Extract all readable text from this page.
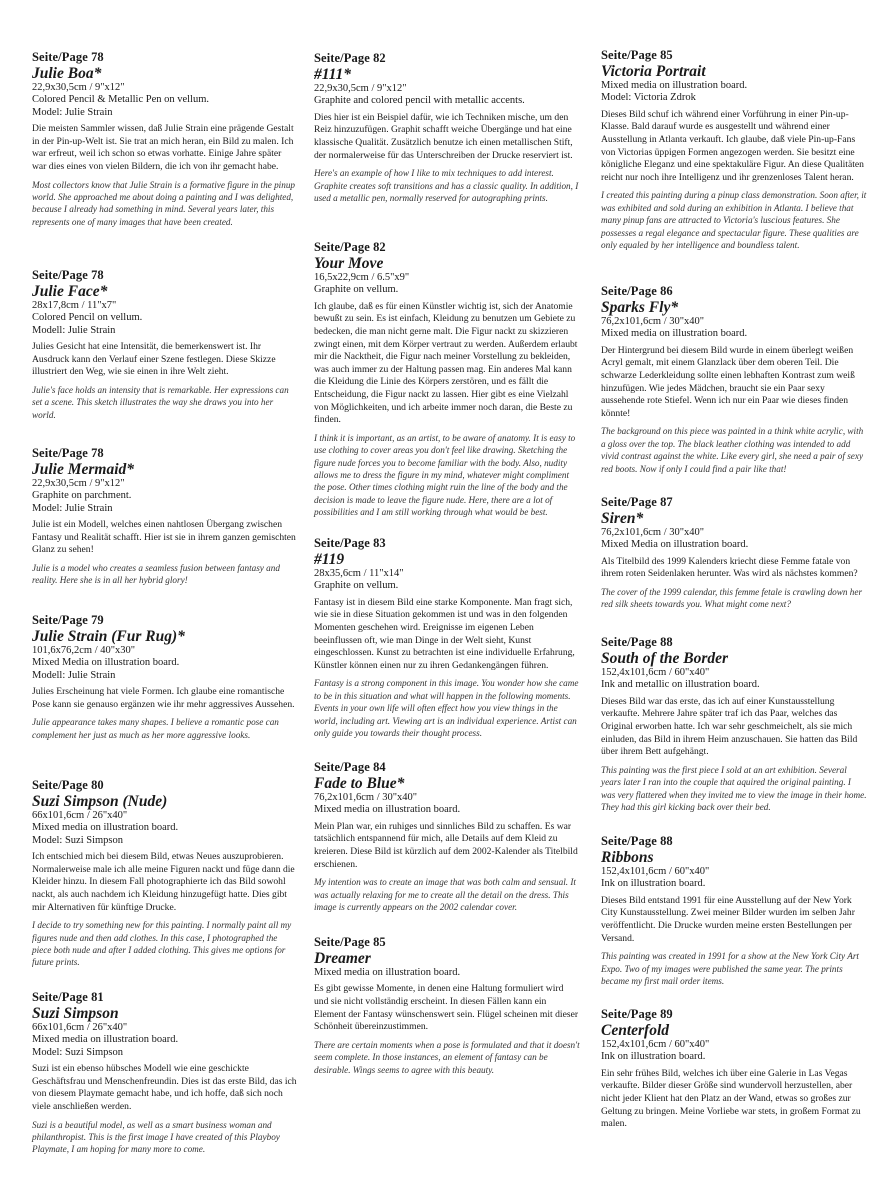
Seite/Page 78
Julie Boa*
22,9x30,5cm / 9"x12"
Colored Pencil & Metallic Pen on vellum.
Model: Julie Strain
Die meisten Sammler wissen, daß Julie Strain eine prägende Gestalt in der Pin-up-Welt ist. Sie trat an mich heran, ein Bild zu malen. Ich war erfreut, weil ich schon so etwas vorhatte. Einige Jahre später war dies eines von vielen Bildern, die ich von ihr gemacht habe.
Most collectors know that Julie Strain is a formative figure in the pinup world. She approached me about doing a painting and I was delighted, because I already had something in mind. Several years later, this represents one of many images that have been created.
Seite/Page 78
Julie Face*
28x17,8cm / 11"x7"
Colored Pencil on vellum.
Modell: Julie Strain
Julies Gesicht hat eine Intensität, die bemerkenswert ist. Ihr Ausdruck kann den Verlauf einer Szene festlegen. Diese Skizze illustriert den Weg, wie sie einen in ihre Welt zieht.
Julie's face holds an intensity that is remarkable. Her expressions can set a scene. This sketch illustrates the way she draws you into her world.
Seite/Page 78
Julie Mermaid*
22,9x30,5cm / 9"x12"
Graphite on parchment.
Model: Julie Strain
Julie ist ein Modell, welches einen nahtlosen Übergang zwischen Fantasy und Realität schafft. Hier ist sie in ihrem ganzen gemischten Glanz zu sehen!
Julie is a model who creates a seamless fusion between fantasy and reality. Here she is in all her hybrid glory!
Seite/Page 79
Julie Strain (Fur Rug)*
101,6x76,2cm / 40"x30"
Mixed Media on illustration board.
Modell: Julie Strain
Julies Erscheinung hat viele Formen. Ich glaube eine romantische Pose kann sie genauso ergänzen wie ihr mehr aggressives Aussehen.
Julie appearance takes many shapes. I believe a romantic pose can complement her just as much as her more aggressive looks.
Seite/Page 80
Suzi Simpson (Nude)
66x101,6cm / 26"x40"
Mixed media on illustration board.
Model: Suzi Simpson
Ich entschied mich bei diesem Bild, etwas Neues auszuprobieren. Normalerweise male ich alle meine Figuren nackt und füge dann die Kleider hinzu. In diesem Fall photographierte ich das Bild sowohl nackt, als auch nachdem ich Kleidung hinzugefügt hatte. Dies gibt mir Alternativen für künftige Drucke.
I decide to try something new for this painting. I normally paint all my figures nude and then add clothes. In this case, I photographed the piece both nude and after I added clothing. This gives me options for future prints.
Seite/Page 81
Suzi Simpson
66x101,6cm / 26"x40"
Mixed media on illustration board.
Model: Suzi Simpson
Suzi ist ein ebenso hübsches Modell wie eine geschickte Geschäftsfrau und Menschenfreundin. Dies ist das erste Bild, das ich von diesem Playmate gemacht habe, und ich hoffe, daß sich noch viele anschließen werden.
Suzi is a beautiful model, as well as a smart business woman and philanthropist. This is the first image I have created of this Playboy Playmate, I am hoping for many more to come.
Seite/Page 82
#111*
22,9x30,5cm / 9"x12"
Graphite and colored pencil with metallic accents.
Dies hier ist ein Beispiel dafür, wie ich Techniken mische, um den Reiz hinzuzufügen. Graphit schafft weiche Übergänge und hat eine klassische Qualität. Zusätzlich benutze ich einen metallischen Stift, der normalerweise für das Unterschreiben der Drucke reserviert ist.
Here's an example of how I like to mix techniques to add interest. Graphite creates soft transitions and has a classic quality. In addition, I used a metallic pen, normally reserved for autographing prints.
Seite/Page 82
Your Move
16,5x22,9cm / 6.5"x9"
Graphite on vellum.
Ich glaube, daß es für einen Künstler wichtig ist, sich der Anatomie bewußt zu sein. Es ist einfach, Kleidung zu benutzen um Gebiete zu bedecken, die man nicht gerne malt. Die Figur nackt zu skizzieren zwingt einen, mit dem Körper vertraut zu werden. Außerdem erlaubt mir die Nacktheit, die Figur nach meiner Vorstellung zu bekleiden, was auch immer zu der Haltung passen mag. Ein anderes Mal kann die Kleidung die Linie des Körpers zerstören, und es fällt die Entscheidung, die Figur nackt zu lassen. Hier gibt es eine Vielzahl von Möglichkeiten, und ich arbeite immer noch daran, die Beste zu finden.
I think it is important, as an artist, to be aware of anatomy. It is easy to use clothing to cover areas you don't feel like drawing. Sketching the figure nude forces you to become familiar with the body. Also, nudity allows me to dress the figure in my mind, whatever might compliment the pose. Other times clothing might ruin the line of the body and the decision is made to leave the figure nude. Here, there are a lot of possibilities and I am still working through what would be best.
Seite/Page 83
#119
28x35,6cm / 11"x14"
Graphite on vellum.
Fantasy ist in diesem Bild eine starke Komponente. Man fragt sich, wie sie in diese Situation gekommen ist und was in den folgenden Momenten geschehen wird. Ereignisse im eigenen Leben beeinflussen oft, wie man Dinge in der Welt sieht, Kunst eingeschlossen. Kunst zu betrachten ist eine individuelle Erfahrung, Künstler können einen nur zu ihren Gedankengängen führen.
Fantasy is a strong component in this image. You wonder how she came to be in this situation and what will happen in the following moments. Events in your own life will often effect how you view things in the world, including art. Viewing art is an individual experience. Artist can only guide you towards their thought process.
Seite/Page 84
Fade to Blue*
76,2x101,6cm / 30"x40"
Mixed media on illustration board.
Mein Plan war, ein ruhiges und sinnliches Bild zu schaffen. Es war tatsächlich entspannend für mich, alle Details auf dem Kleid zu kreieren. Diese Bild ist kürzlich auf dem 2002-Kalender als Titelbild erschienen.
My intention was to create an image that was both calm and sensual. It was actually relaxing for me to create all the detail on the dress. This image is currently appears on the 2002 calendar cover.
Seite/Page 85
Dreamer
Mixed media on illustration board.
Es gibt gewisse Momente, in denen eine Haltung formuliert wird und sie nicht vollständig erscheint. In diesen Fällen kann ein Element der Fantasy wünschenswert sein. Flügel scheinen mit dieser Schönheit übereinzustimmen.
There are certain moments when a pose is formulated and that it doesn't seem complete. In those instances, an element of fantasy can be desirable. Wings seems to agree with this beauty.
Seite/Page 85
Victoria Portrait
Mixed media on illustration board.
Model: Victoria Zdrok
Dieses Bild schuf ich während einer Vorführung in einer Pin-up-Klasse. Bald darauf wurde es ausgestellt und während einer Ausstellung in Atlanta verkauft. Ich glaube, daß viele Pin-up-Fans von Victorias üppigen Formen angezogen werden. Sie besitzt eine königliche Eleganz und eine spektakuläre Figur. An diese Qualitäten reicht nur noch ihre Intelligenz und ihr grenzenloses Talent heran.
I created this painting during a pinup class demonstration. Soon after, it was exhibited and sold during an exhibition in Atlanta. I believe that many pinup fans are attracted to Victoria's luscious features. She possesses a regal elegance and spectacular figure. These qualities are only equaled by her intelligence and boundless talent.
Seite/Page 86
Sparks Fly*
76,2x101,6cm / 30"x40"
Mixed media on illustration board.
Der Hintergrund bei diesem Bild wurde in einem überlegt weißen Acryl gemalt, mit einem Glanzlack über dem oberen Teil. Die schwarze Lederkleidung sollte einen lebhaften Kontrast zum weiß hinzufügen. Wie jedes Mädchen, braucht sie ein Paar sexy aussehende rote Stiefel. Wenn ich nur ein Paar wie dieses finden könnte!
The background on this piece was painted in a think white acrylic, with a gloss over the top. The black leather clothing was intended to add vivid contrast against the white. Like every girl, she need a pair of sexy red boots. Now if only I could find a pair like that!
Seite/Page 87
Siren*
76,2x101,6cm / 30"x40"
Mixed Media on illustration board.
Als Titelbild des 1999 Kalenders kriecht diese Femme fatale von ihrem roten Seidenlaken herunter. Was wird als nächstes kommen?
The cover of the 1999 calendar, this femme fetale is crawling down her red silk sheets towards you. What might come next?
Seite/Page 88
South of the Border
152,4x101,6cm / 60"x40"
Ink and metallic on illustration board.
Dieses Bild war das erste, das ich auf einer Kunstausstellung verkaufte. Mehrere Jahre später traf ich das Paar, welches das Original erworben hatte. Ich war sehr geschmeichelt, als sie mich einluden, das Bild in ihrem Heim anzuschauen. Sie hatten das Bild über ihrem Bett aufgehängt.
This painting was the first piece I sold at an art exhibition. Several years later I ran into the couple that aquired the original painting. I was very flattered when they invited me to view the image in their home. They had this girl kicking back over their bed.
Seite/Page 88
Ribbons
152,4x101,6cm / 60"x40"
Ink on illustration board.
Dieses Bild entstand 1991 für eine Ausstellung auf der New York City Kunstausstellung. Zwei meiner Bilder wurden im selben Jahr veröffentlicht. Die Drucke wurden meine ersten Bestellungen per Versand.
This painting was created in 1991 for a show at the New York City Art Expo. Two of my images were published the same year. The prints became my first mail order items.
Seite/Page 89
Centerfold
152,4x101,6cm / 60"x40"
Ink on illustration board.
Ein sehr frühes Bild, welches ich über eine Galerie in Las Vegas verkaufte. Bilder dieser Größe sind wundervoll herzustellen, aber nicht jeder Klient hat den Platz an der Wand, etwas so großes zur Geltung zu bringen. Meine Vorliebe war stets, in großem Format zu malen.
